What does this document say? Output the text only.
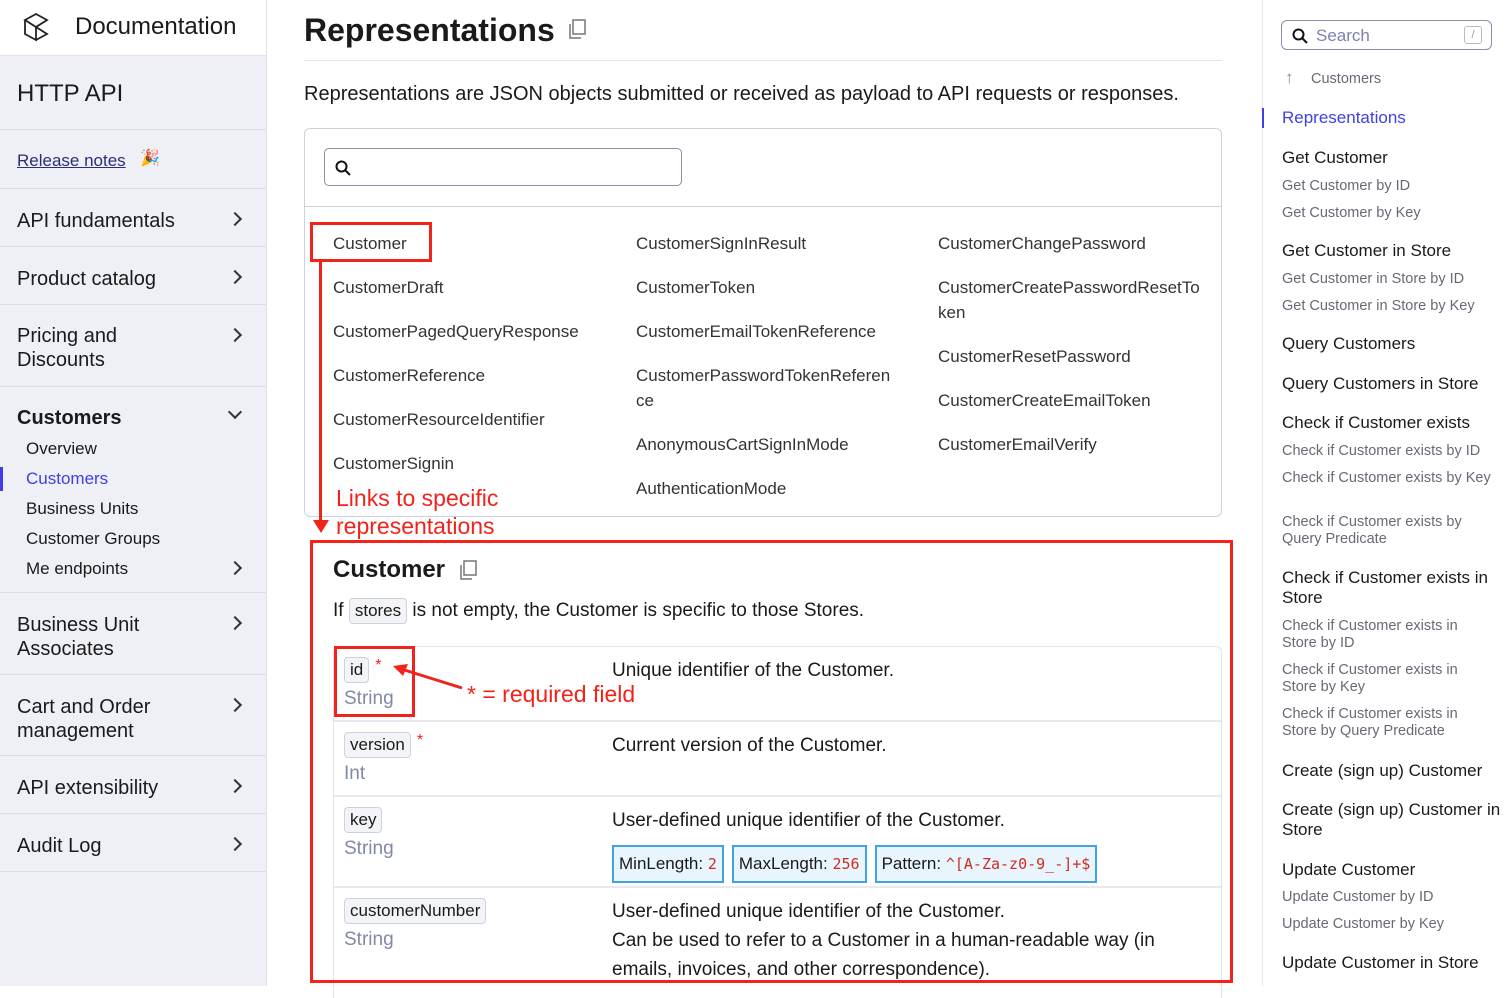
Documentation
HTTP API
Release notes 🎉
API fundamentals
Product catalog
Pricing and Discounts
Customers
Overview
Customers
Business Units
Customer Groups
Me endpoints
Business Unit Associates
Cart and Order management
API extensibility
Audit Log
Representations

Representations are JSON objects submitted or received as payload to API requests or responses.

Customer
CustomerDraft
CustomerPagedQueryResponse
CustomerReference
CustomerResourceIdentifier
CustomerSignin
CustomerSignInResult
CustomerToken
CustomerEmailTokenReference
CustomerPasswordTokenReference
AnonymousCartSignInMode
AuthenticationMode
CustomerChangePassword
CustomerCreatePasswordResetToken
CustomerResetPassword
CustomerCreateEmailToken
CustomerEmailVerify
Links to specific representations
Customer

If stores is not empty, the Customer is specific to those Stores.

id *
String
Unique identifier of the Customer.
version *
Int
Current version of the Customer.
key
String
User-defined unique identifier of the Customer.
MinLength: 2 MaxLength: 256 Pattern: ^[A-Za-z0-9_-]+$
customerNumber
String
User-defined unique identifier of the Customer.
Can be used to refer to a Customer in a human-readable way (in emails, invoices, and other correspondence).
* = required field
Search	/
↑ Customers
Representations
Get Customer
Get Customer by ID
Get Customer by Key
Get Customer in Store
Get Customer in Store by ID
Get Customer in Store by Key
Query Customers
Query Customers in Store
Check if Customer exists
Check if Customer exists by ID
Check if Customer exists by Key
Check if Customer exists by Query Predicate
Check if Customer exists in Store
Check if Customer exists in Store by ID
Check if Customer exists in Store by Key
Check if Customer exists in Store by Query Predicate
Create (sign up) Customer
Create (sign up) Customer in Store
Update Customer
Update Customer by ID
Update Customer by Key
Update Customer in Store
